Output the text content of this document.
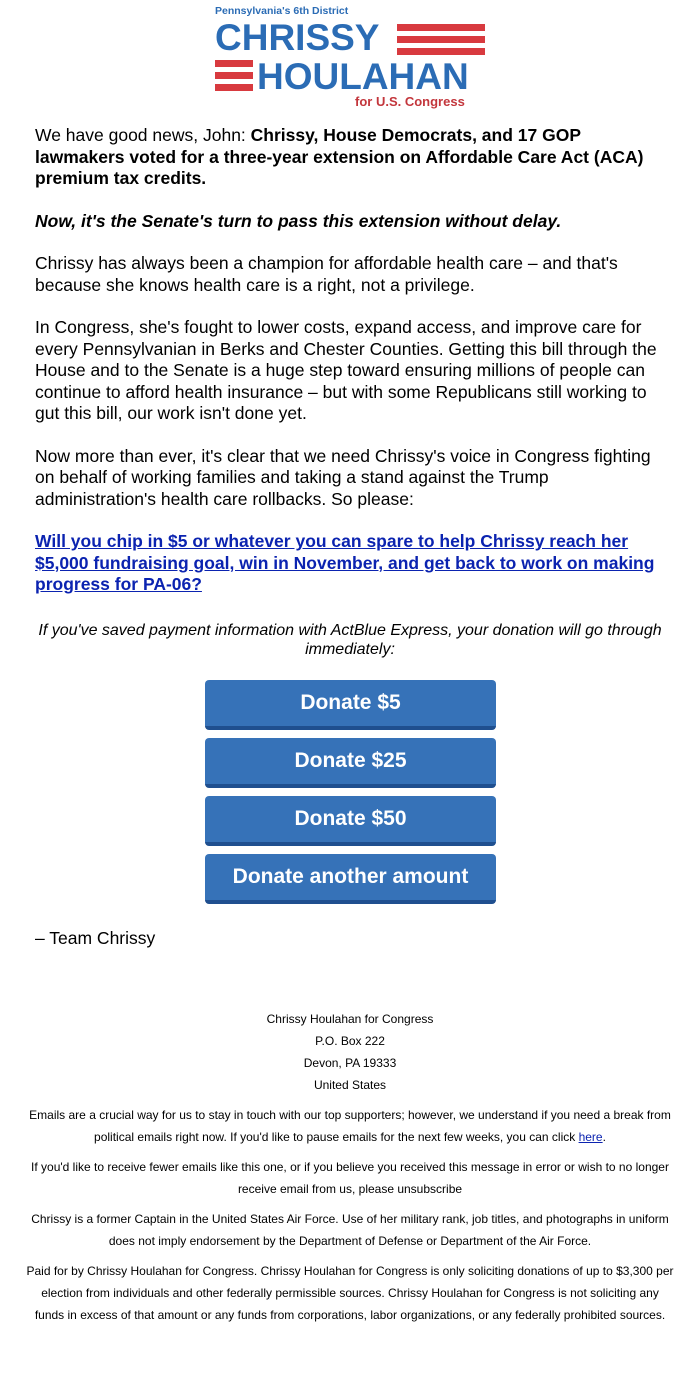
Pennsylvania's 6th District
CHRISSY
HOULAHAN
for U.S. Congress

We have good news, John: Chrissy, House Democrats, and 17 GOP lawmakers voted for a three-year extension on Affordable Care Act (ACA) premium tax credits.

Now, it's the Senate's turn to pass this extension without delay.

Chrissy has always been a champion for affordable health care – and that's because she knows health care is a right, not a privilege.

In Congress, she's fought to lower costs, expand access, and improve care for every Pennsylvanian in Berks and Chester Counties. Getting this bill through the House and to the Senate is a huge step toward ensuring millions of people can continue to afford health insurance – but with some Republicans still working to gut this bill, our work isn't done yet.

Now more than ever, it's clear that we need Chrissy's voice in Congress fighting on behalf of working families and taking a stand against the Trump administration's health care rollbacks. So please:

Will you chip in $5 or whatever you can spare to help Chrissy reach her $5,000 fundraising goal, win in November, and get back to work on making progress for PA-06?

If you've saved payment information with ActBlue Express, your donation will go through immediately:
Donate $5
Donate $25
Donate $50
Donate another amount
– Team Chrissy
Chrissy Houlahan for Congress
P.O. Box 222
Devon, PA 19333
United States

Emails are a crucial way for us to stay in touch with our top supporters; however, we understand if you need a break from political emails right now. If you'd like to pause emails for the next few weeks, you can click here.

If you'd like to receive fewer emails like this one, or if you believe you received this message in error or wish to no longer receive email from us, please unsubscribe

Chrissy is a former Captain in the United States Air Force. Use of her military rank, job titles, and photographs in uniform does not imply endorsement by the Department of Defense or Department of the Air Force.

Paid for by Chrissy Houlahan for Congress. Chrissy Houlahan for Congress is only soliciting donations of up to $3,300 per election from individuals and other federally permissible sources. Chrissy Houlahan for Congress is not soliciting any funds in excess of that amount or any funds from corporations, labor organizations, or any federally prohibited sources.
